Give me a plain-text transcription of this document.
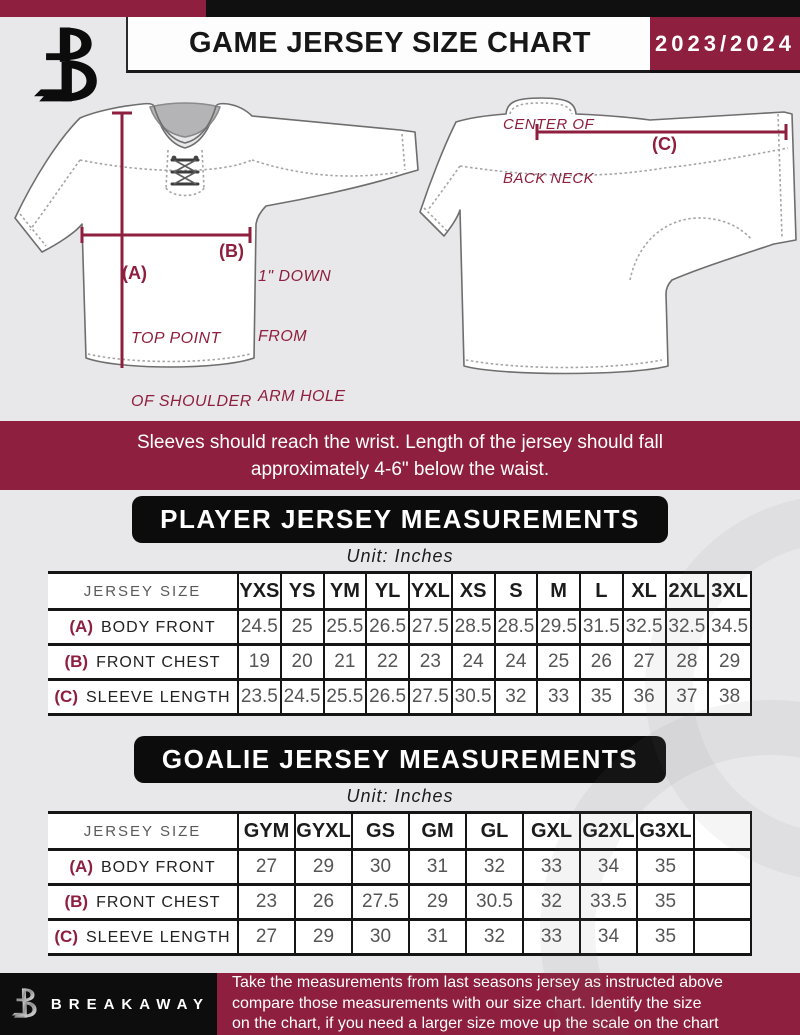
GAME JERSEY SIZE CHART	2023/2024
(A)

TOP POINT

OF SHOULDER

(B)

1" DOWN

FROM

ARM HOLE

CENTER OF

BACK NECK

(C)
Sleeves should reach the wrist. Length of the jersey should fall
approximately 4-6" below the waist.
PLAYER JERSEY MEASUREMENTS
Unit: Inches
JERSEY SIZE	YXS	YS	YM	YL	YXL	XS	S	M	L	XL	2XL	3XL
(A) BODY FRONT	24.5	25	25.5	26.5	27.5	28.5	28.5	29.5	31.5	32.5	32.5	34.5
(B) FRONT CHEST	19	20	21	22	23	24	24	25	26	27	28	29
(C) SLEEVE LENGTH	23.5	24.5	25.5	26.5	27.5	30.5	32	33	35	36	37	38
GOALIE JERSEY MEASUREMENTS
Unit: Inches
JERSEY SIZE	GYM	GYXL	GS	GM	GL	GXL	G2XL	G3XL	
(A) BODY FRONT	27	29	30	31	32	33	34	35	
(B) FRONT CHEST	23	26	27.5	29	30.5	32	33.5	35	
(C) SLEEVE LENGTH	27	29	30	31	32	33	34	35	
BREAKAWAY
Take the measurements from last seasons jersey as instructed above
compare those measurements with our size chart. Identify the size
on the chart, if you need a larger size move up the scale on the chart
